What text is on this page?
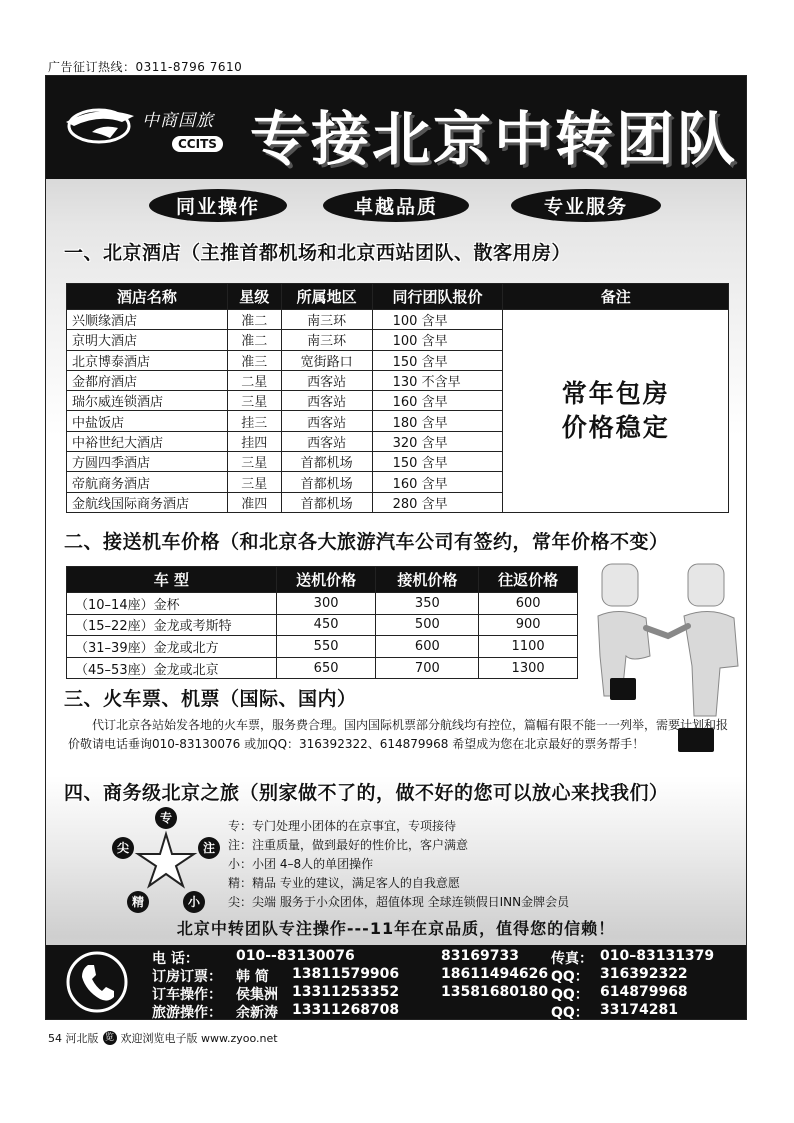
广告征订热线：0311-8796 7610
中商国旅
CCITS 专接北京中转团队
同业操作	卓越品质	专业服务
一、北京酒店（主推首都机场和北京西站团队、散客用房）
酒店名称	星级	所属地区	同行团队报价	备注
兴顺缘酒店	准二	南三环	100 含早	常年包房
价格稳定

京明大酒店	准二	南三环	100 含早	
北京博泰酒店	准三	宽街路口	150 含早	
金都府酒店	二星	西客站	130 不含早	
瑞尔威连锁酒店	三星	西客站	160 含早	
中盐饭店	挂三	西客站	180 含早	
中裕世纪大酒店	挂四	西客站	320 含早	
方圆四季酒店	三星	首都机场	150 含早	
帝航商务酒店	三星	首都机场	160 含早	
金航线国际商务酒店	准四	首都机场	280 含早	
二、接送机车价格（和北京各大旅游汽车公司有签约，常年价格不变）
车 型	送机价格	接机价格	往返价格
（10–14座）金杯	300	350	600
（15–22座）金龙或考斯特	450	500	900
（31–39座）金龙或北方	550	600	1100
（45–53座）金龙或北京	650	700	1300
三、火车票、机票（国际、国内）
代订北京各站始发各地的火车票，服务费合理。国内国际机票部分航线均有控位，篇幅有限不能一一列举，需要计划和报价敬请电话垂询010-83130076 或加QQ：316392322、614879968 希望成为您在北京最好的票务帮手！
四、商务级北京之旅（别家做不了的，做不好的您可以放心来找我们）
专
注
小
精
尖
专：专门处理小团体的在京事宜，专项接待
注：注重质量，做到最好的性价比，客户满意
小：小团 4–8人的单团操作
精：精品 专业的建议，满足客人的自我意愿
尖：尖端 服务于小众团体，超值体现 全球连锁假日INN金牌会员
北京中转团队专注操作---11年在京品质，值得您的信赖！
电 话：	010--83130076	83169733 传真： 010–83131379
订房订票： 韩 简 13811579906	18611494626 QQ： 316392322
订车操作： 侯集洲 13311253352	13581680180 QQ： 614879968
旅游操作： 余新涛 13311268708	QQ： 33174281
54 河北版 览 欢迎浏览电子版 www.zyoo.net
